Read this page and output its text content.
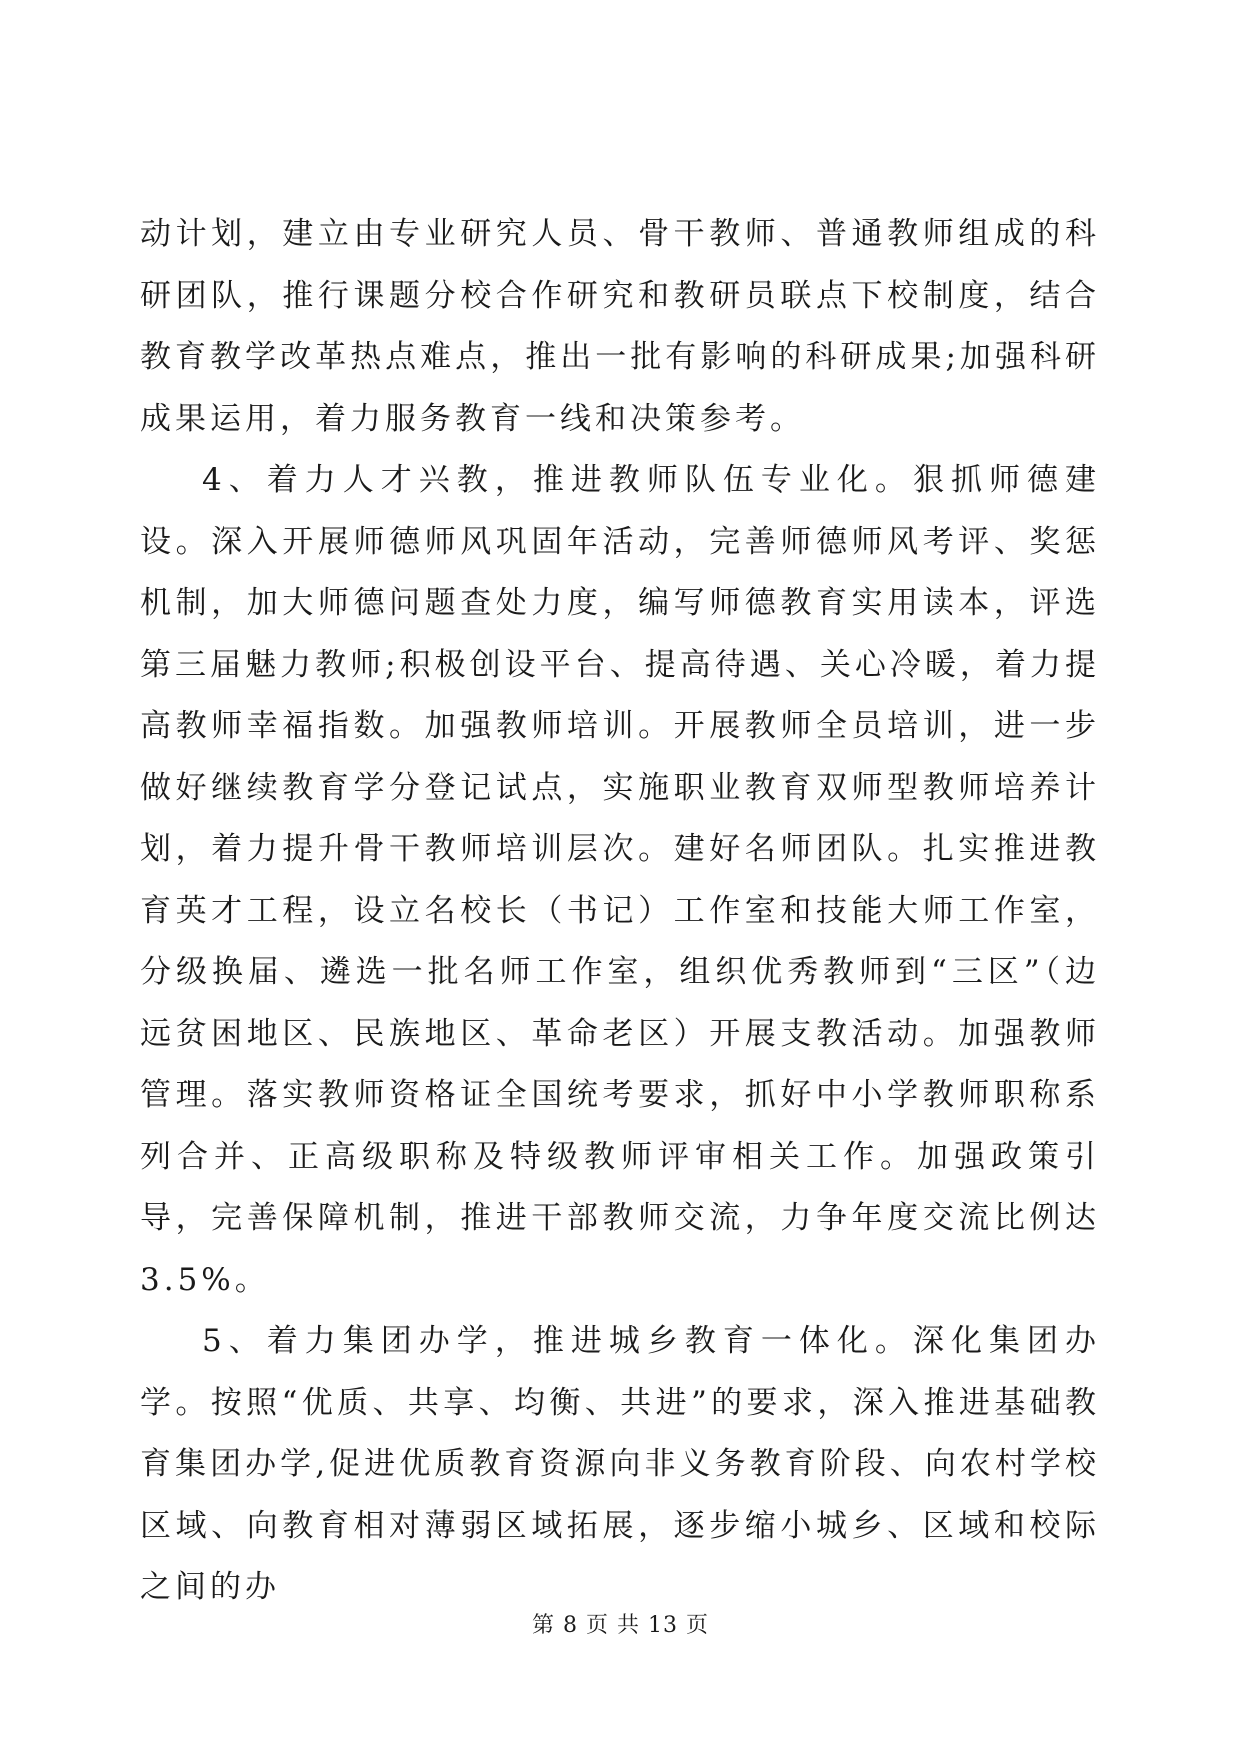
动计划，建立由专业研究人员、骨干教师、普通教师组成的科研团队，推行课题分校合作研究和教研员联点下校制度，结合教育教学改革热点难点，推出一批有影响的科研成果;加强科研成果运用，着力服务教育一线和决策参考。

4、着力人才兴教，推进教师队伍专业化。狠抓师德建设。深入开展师德师风巩固年活动，完善师德师风考评、奖惩机制，加大师德问题查处力度，编写师德教育实用读本，评选第三届魅力教师;积极创设平台、提高待遇、关心冷暖，着力提高教师幸福指数。加强教师培训。开展教师全员培训，进一步做好继续教育学分登记试点，实施职业教育双师型教师培养计划，着力提升骨干教师培训层次。建好名师团队。扎实推进教育英才工程，设立名校长（书记）工作室和技能大师工作室，分级换届、遴选一批名师工作室，组织优秀教师到“三区”（边远贫困地区、民族地区、革命老区）开展支教活动。加强教师管理。落实教师资格证全国统考要求，抓好中小学教师职称系列合并、正高级职称及特级教师评审相关工作。加强政策引导，完善保障机制，推进干部教师交流，力争年度交流比例达 3.5%。

5、着力集团办学，推进城乡教育一体化。深化集团办学。按照“优质、共享、均衡、共进”的要求，深入推进基础教育集团办学,促进优质教育资源向非义务教育阶段、向农村学校区域、向教育相对薄弱区域拓展，逐步缩小城乡、区域和校际之间的办

第 8 页 共 13 页
